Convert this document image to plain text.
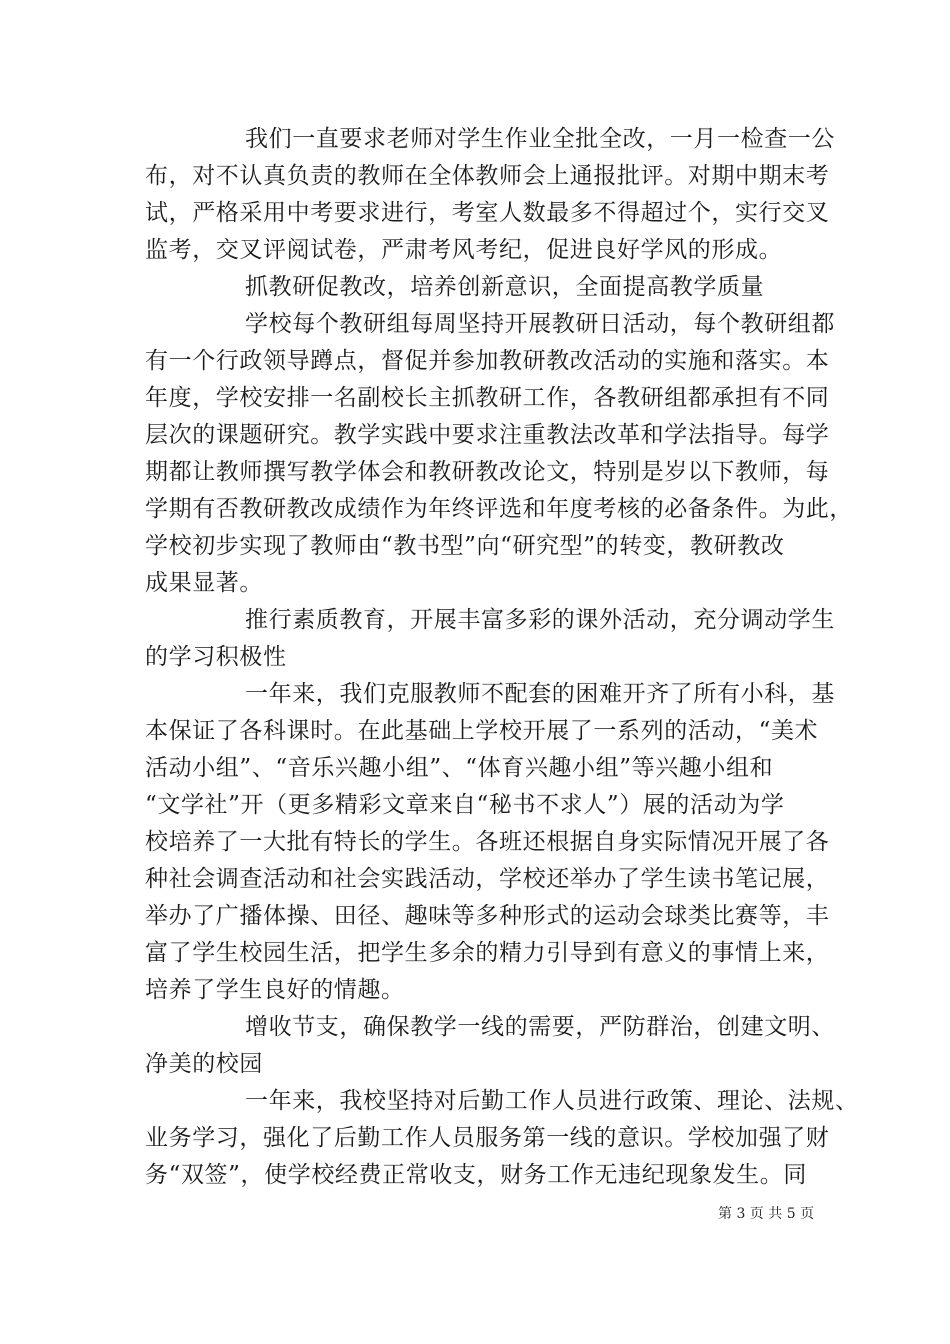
我们一直要求老师对学生作业全批全改，一月一检查一公
布，对不认真负责的教师在全体教师会上通报批评。对期中期末考
试，严格采用中考要求进行，考室人数最多不得超过个，实行交叉
监考，交叉评阅试卷，严肃考风考纪，促进良好学风的形成。
抓教研促教改，培养创新意识，全面提高教学质量
学校每个教研组每周坚持开展教研日活动，每个教研组都
有一个行政领导蹲点，督促并参加教研教改活动的实施和落实。本
年度，学校安排一名副校长主抓教研工作，各教研组都承担有不同
层次的课题研究。教学实践中要求注重教法改革和学法指导。每学
期都让教师撰写教学体会和教研教改论文，特别是岁以下教师，每
学期有否教研教改成绩作为年终评选和年度考核的必备条件。为此，
学校初步实现了教师由“教书型”向“研究型”的转变，教研教改
成果显著。
推行素质教育，开展丰富多彩的课外活动，充分调动学生
的学习积极性
一年来，我们克服教师不配套的困难开齐了所有小科，基
本保证了各科课时。在此基础上学校开展了一系列的活动，“美术
活动小组”、“音乐兴趣小组”、“体育兴趣小组”等兴趣小组和
“文学社”开（更多精彩文章来自“秘书不求人”）展的活动为学
校培养了一大批有特长的学生。各班还根据自身实际情况开展了各
种社会调查活动和社会实践活动，学校还举办了学生读书笔记展，
举办了广播体操、田径、趣味等多种形式的运动会球类比赛等，丰
富了学生校园生活，把学生多余的精力引导到有意义的事情上来，
培养了学生良好的情趣。
增收节支，确保教学一线的需要，严防群治，创建文明、
净美的校园
一年来，我校坚持对后勤工作人员进行政策、理论、法规、
业务学习，强化了后勤工作人员服务第一线的意识。学校加强了财
务“双签”，使学校经费正常收支，财务工作无违纪现象发生。同
第 3 页 共 5 页
